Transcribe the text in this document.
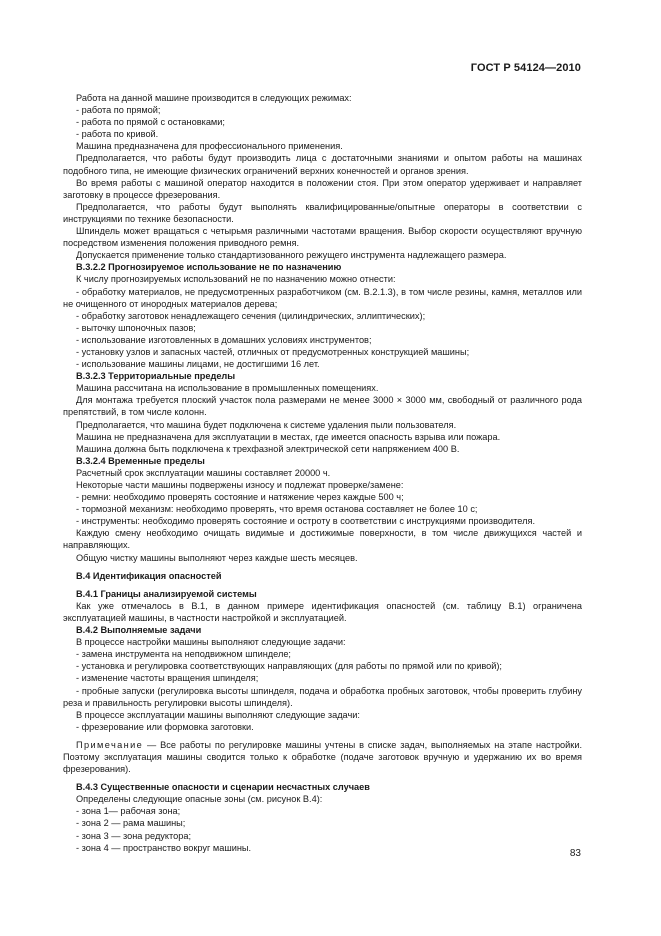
ГОСТ Р 54124—2010

Работа на данной машине производится в следующих режимах:

- работа по прямой;

- работа по прямой с остановками;

- работа по кривой.

Машина предназначена для профессионального применения.

Предполагается, что работы будут производить лица с достаточными знаниями и опытом работы на машинах подобного типа, не имеющие физических ограничений верхних конечностей и органов зрения.

Во время работы с машиной оператор находится в положении стоя. При этом оператор удерживает и направляет заготовку в процессе фрезерования.

Предполагается, что работы будут выполнять квалифицированные/опытные операторы в соответствии с инструкциями по технике безопасности.

Шпиндель может вращаться с четырьмя различными частотами вращения. Выбор скорости осуществляют вручную посредством изменения положения приводного ремня.

Допускается применение только стандартизованного режущего инструмента надлежащего размера.

В.3.2.2 Прогнозируемое использование не по назначению

К числу прогнозируемых использований не по назначению можно отнести:

- обработку материалов, не предусмотренных разработчиком (см. В.2.1.3), в том числе резины, камня, металлов или не очищенного от инородных материалов дерева;

- обработку заготовок ненадлежащего сечения (цилиндрических, эллиптических);

- выточку шпоночных пазов;

- использование изготовленных в домашних условиях инструментов;

- установку узлов и запасных частей, отличных от предусмотренных конструкцией машины;

- использование машины лицами, не достигшими 16 лет.

В.3.2.3 Территориальные пределы

Машина рассчитана на использование в промышленных помещениях.

Для монтажа требуется плоский участок пола размерами не менее 3000 × 3000 мм, свободный от различного рода препятствий, в том числе колонн.

Предполагается, что машина будет подключена к системе удаления пыли пользователя.

Машина не предназначена для эксплуатации в местах, где имеется опасность взрыва или пожара.

Машина должна быть подключена к трехфазной электрической сети напряжением 400 В.

В.3.2.4 Временные пределы

Расчетный срок эксплуатации машины составляет 20000 ч.

Некоторые части машины подвержены износу и подлежат проверке/замене:

- ремни: необходимо проверять состояние и натяжение через каждые 500 ч;

- тормозной механизм: необходимо проверять, что время останова составляет не более 10 с;

- инструменты: необходимо проверять состояние и остроту в соответствии с инструкциями производителя.

Каждую смену необходимо очищать видимые и достижимые поверхности, в том числе движущихся частей и направляющих.

Общую чистку машины выполняют через каждые шесть месяцев.

В.4 Идентификация опасностей

В.4.1 Границы анализируемой системы

Как уже отмечалось в В.1, в данном примере идентификация опасностей (см. таблицу В.1) ограничена эксплуатацией машины, в частности настройкой и эксплуатацией.

В.4.2 Выполняемые задачи

В процессе настройки машины выполняют следующие задачи:

- замена инструмента на неподвижном шпинделе;

- установка и регулировка соответствующих направляющих (для работы по прямой или по кривой);

- изменение частоты вращения шпинделя;

- пробные запуски (регулировка высоты шпинделя, подача и обработка пробных заготовок, чтобы проверить глубину реза и правильность регулировки высоты шпинделя).

В процессе эксплуатации машины выполняют следующие задачи:

- фрезерование или формовка заготовки.

Примечание — Все работы по регулировке машины учтены в списке задач, выполняемых на этапе настройки. Поэтому эксплуатация машины сводится только к обработке (подаче заготовок вручную и удержанию их во время фрезерования).

В.4.3 Существенные опасности и сценарии несчастных случаев

Определены следующие опасные зоны (см. рисунок В.4):

- зона 1— рабочая зона;

- зона 2 — рама машины;

- зона 3 — зона редуктора;

- зона 4 — пространство вокруг машины.

83
